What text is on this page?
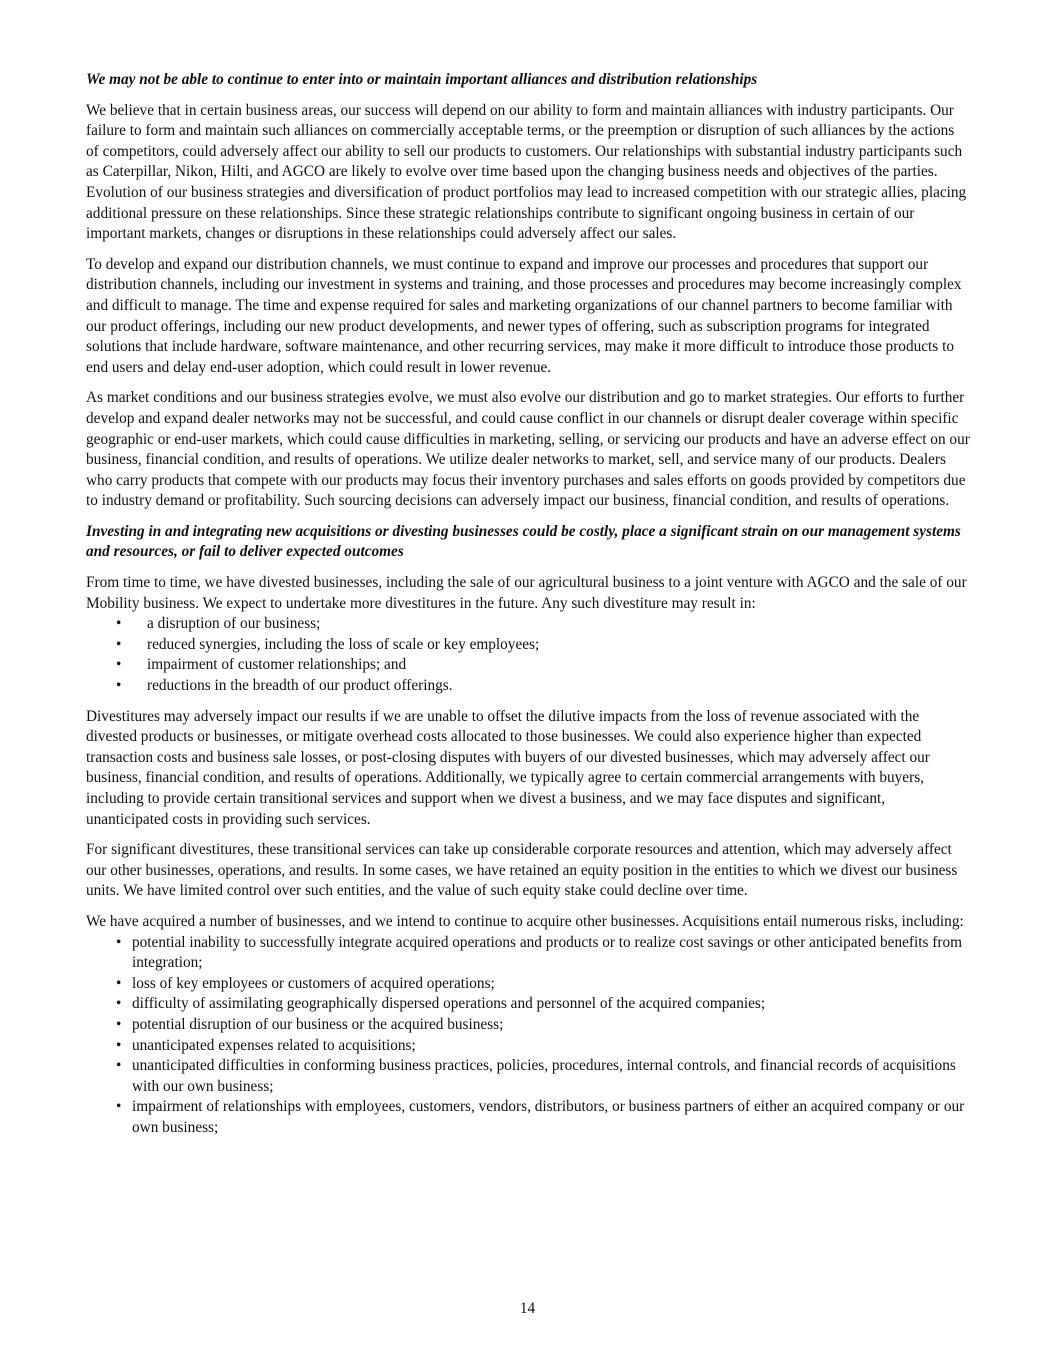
We may not be able to continue to enter into or maintain important alliances and distribution relationships

We believe that in certain business areas, our success will depend on our ability to form and maintain alliances with industry participants. Our failure to form and maintain such alliances on commercially acceptable terms, or the preemption or disruption of such alliances by the actions of competitors, could adversely affect our ability to sell our products to customers. Our relationships with substantial industry participants such as Caterpillar, Nikon, Hilti, and AGCO are likely to evolve over time based upon the changing business needs and objectives of the parties. Evolution of our business strategies and diversification of product portfolios may lead to increased competition with our strategic allies, placing additional pressure on these relationships. Since these strategic relationships contribute to significant ongoing business in certain of our important markets, changes or disruptions in these relationships could adversely affect our sales.

To develop and expand our distribution channels, we must continue to expand and improve our processes and procedures that support our distribution channels, including our investment in systems and training, and those processes and procedures may become increasingly complex and difficult to manage. The time and expense required for sales and marketing organizations of our channel partners to become familiar with our product offerings, including our new product developments, and newer types of offering, such as subscription programs for integrated solutions that include hardware, software maintenance, and other recurring services, may make it more difficult to introduce those products to end users and delay end-user adoption, which could result in lower revenue.

As market conditions and our business strategies evolve, we must also evolve our distribution and go to market strategies. Our efforts to further develop and expand dealer networks may not be successful, and could cause conflict in our channels or disrupt dealer coverage within specific geographic or end-user markets, which could cause difficulties in marketing, selling, or servicing our products and have an adverse effect on our business, financial condition, and results of operations. We utilize dealer networks to market, sell, and service many of our products. Dealers who carry products that compete with our products may focus their inventory purchases and sales efforts on goods provided by competitors due to industry demand or profitability. Such sourcing decisions can adversely impact our business, financial condition, and results of operations.

Investing in and integrating new acquisitions or divesting businesses could be costly, place a significant strain on our management systems and resources, or fail to deliver expected outcomes

From time to time, we have divested businesses, including the sale of our agricultural business to a joint venture with AGCO and the sale of our Mobility business. We expect to undertake more divestitures in the future. Any such divestiture may result in:

• a disruption of our business;
• reduced synergies, including the loss of scale or key employees;
• impairment of customer relationships; and
• reductions in the breadth of our product offerings.

Divestitures may adversely impact our results if we are unable to offset the dilutive impacts from the loss of revenue associated with the divested products or businesses, or mitigate overhead costs allocated to those businesses. We could also experience higher than expected transaction costs and business sale losses, or post-closing disputes with buyers of our divested businesses, which may adversely affect our business, financial condition, and results of operations. Additionally, we typically agree to certain commercial arrangements with buyers, including to provide certain transitional services and support when we divest a business, and we may face disputes and significant, unanticipated costs in providing such services.

For significant divestitures, these transitional services can take up considerable corporate resources and attention, which may adversely affect our other businesses, operations, and results. In some cases, we have retained an equity position in the entities to which we divest our business units. We have limited control over such entities, and the value of such equity stake could decline over time.

We have acquired a number of businesses, and we intend to continue to acquire other businesses. Acquisitions entail numerous risks, including:

• potential inability to successfully integrate acquired operations and products or to realize cost savings or other anticipated benefits from integration;
• loss of key employees or customers of acquired operations;
• difficulty of assimilating geographically dispersed operations and personnel of the acquired companies;
• potential disruption of our business or the acquired business;
• unanticipated expenses related to acquisitions;
• unanticipated difficulties in conforming business practices, policies, procedures, internal controls, and financial records of acquisitions with our own business;
• impairment of relationships with employees, customers, vendors, distributors, or business partners of either an acquired company or our own business;
14
